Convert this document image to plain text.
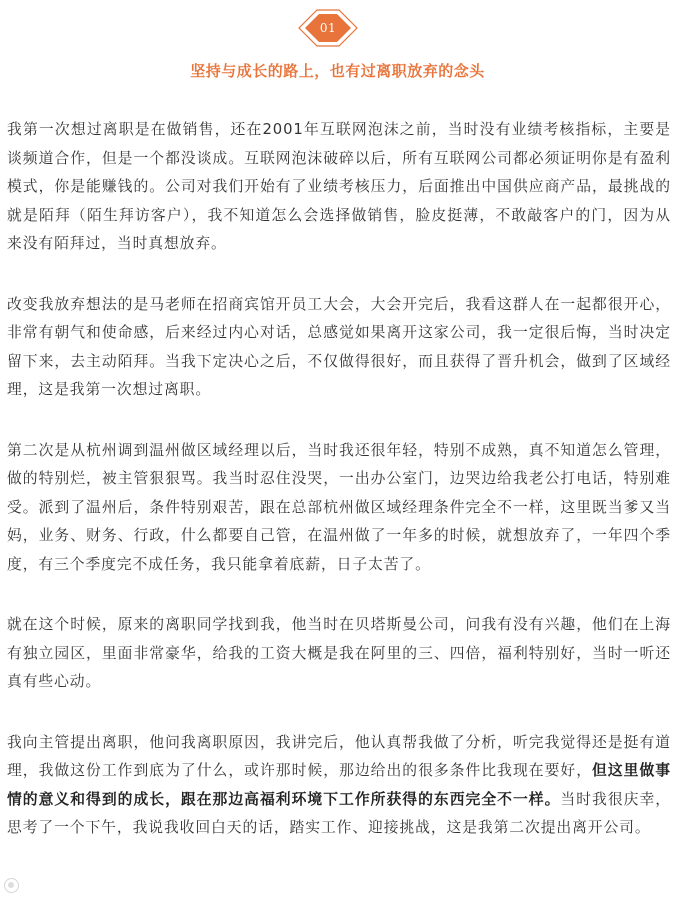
01
坚持与成长的路上，也有过离职放弃的念头

我第一次想过离职是在做销售，还在2001年互联网泡沫之前，当时没有业绩考核指标，主要是谈频道合作，但是一个都没谈成。互联网泡沫破碎以后，所有互联网公司都必须证明你是有盈利模式，你是能赚钱的。公司对我们开始有了业绩考核压力，后面推出中国供应商产品，最挑战的就是陌拜（陌生拜访客户），我不知道怎么会选择做销售，脸皮挺薄，不敢敲客户的门，因为从来没有陌拜过，当时真想放弃。

改变我放弃想法的是马老师在招商宾馆开员工大会，大会开完后，我看这群人在一起都很开心，非常有朝气和使命感，后来经过内心对话，总感觉如果离开这家公司，我一定很后悔，当时决定留下来，去主动陌拜。当我下定决心之后，不仅做得很好，而且获得了晋升机会，做到了区域经理，这是我第一次想过离职。

第二次是从杭州调到温州做区域经理以后，当时我还很年轻，特别不成熟，真不知道怎么管理，做的特别烂，被主管狠狠骂。我当时忍住没哭，一出办公室门，边哭边给我老公打电话，特别难受。派到了温州后，条件特别艰苦，跟在总部杭州做区域经理条件完全不一样，这里既当爹又当妈，业务、财务、行政，什么都要自己管，在温州做了一年多的时候，就想放弃了，一年四个季度，有三个季度完不成任务，我只能拿着底薪，日子太苦了。

就在这个时候，原来的离职同学找到我，他当时在贝塔斯曼公司，问我有没有兴趣，他们在上海有独立园区，里面非常豪华，给我的工资大概是我在阿里的三、四倍，福利特别好，当时一听还真有些心动。

我向主管提出离职，他问我离职原因，我讲完后，他认真帮我做了分析，听完我觉得还是挺有道理，我做这份工作到底为了什么，或许那时候，那边给出的很多条件比我现在要好，但这里做事情的意义和得到的成长，跟在那边高福利环境下工作所获得的东西完全不一样。当时我很庆幸，思考了一个下午，我说我收回白天的话，踏实工作、迎接挑战，这是我第二次提出离开公司。
